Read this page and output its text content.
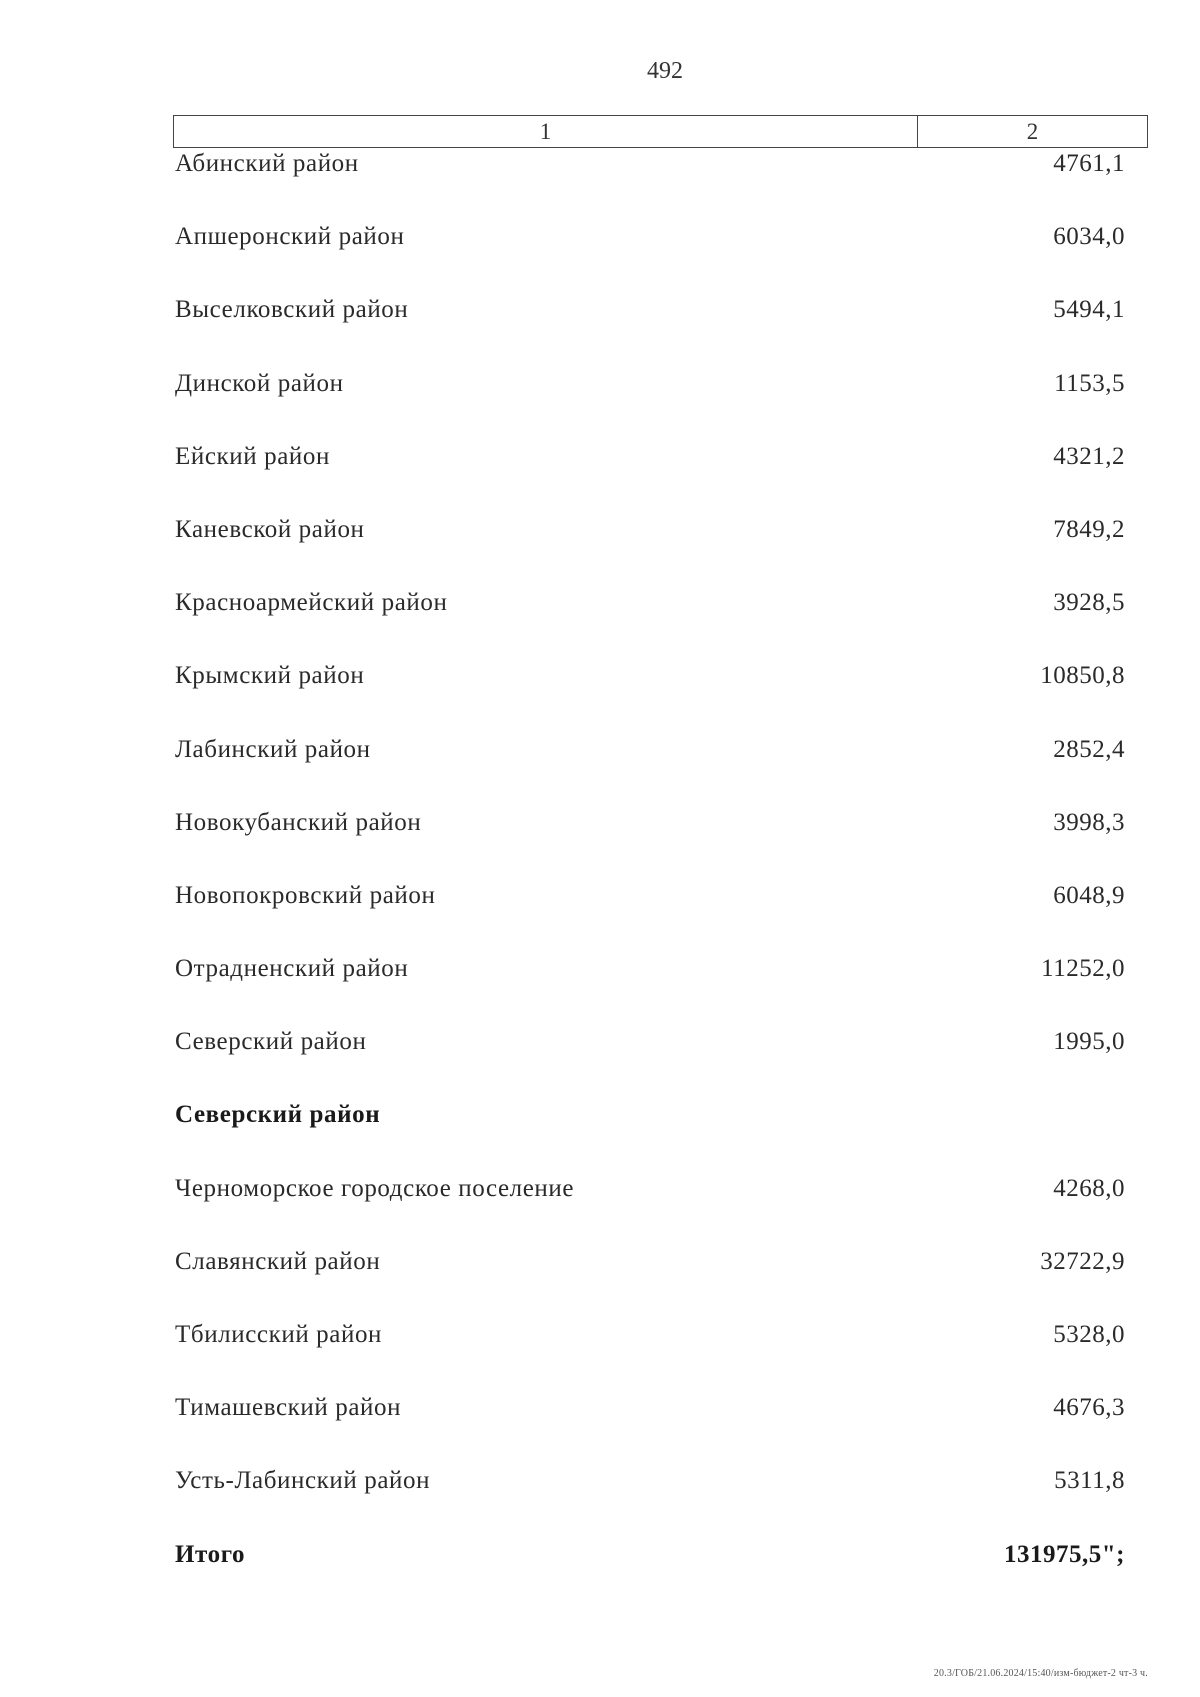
492
1	2
Абинский район	4761,1
Апшеронский район	6034,0
Выселковский район	5494,1
Динской район	1153,5
Ейский район	4321,2
Каневской район	7849,2
Красноармейский район	3928,5
Крымский район	10850,8
Лабинский район	2852,4
Новокубанский район	3998,3
Новопокровский район	6048,9
Отрадненский район	11252,0
Северский район	1995,0
Северский район
Черноморское городское поселение	4268,0
Славянский район	32722,9
Тбилисский район	5328,0
Тимашевский район	4676,3
Усть-Лабинский район	5311,8
Итого	131975,5";
20.3/ГОБ/21.06.2024/15:40/изм-бюджет-2 чт-3 ч.
